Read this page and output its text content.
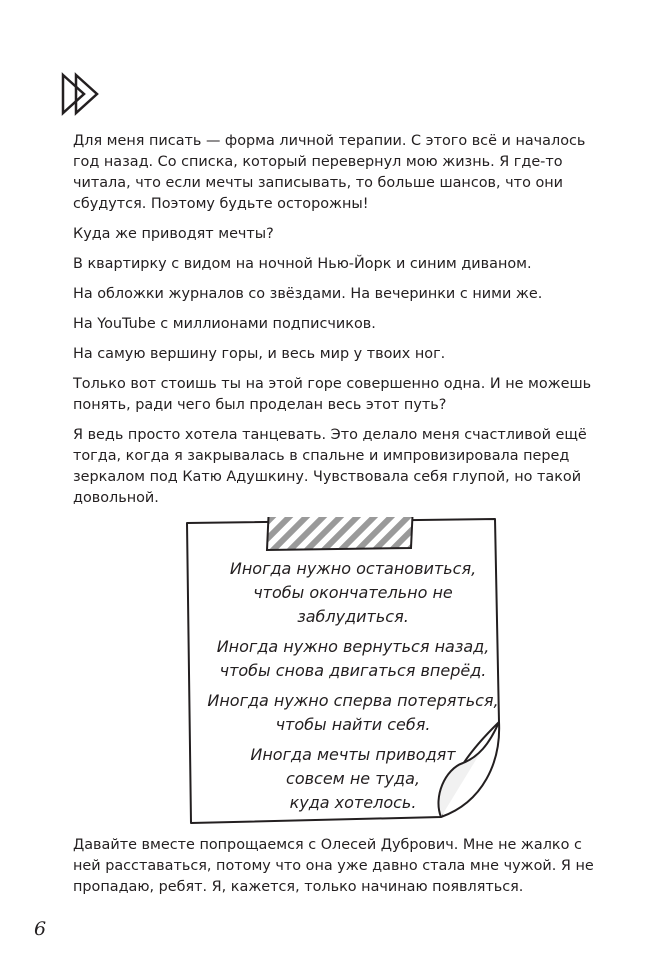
Для меня писать — форма личной терапии. С этого всё и началось год назад. Со списка, который перевернул мою жизнь. Я где-то читала, что если мечты записывать, то больше шансов, что они сбудутся. Поэтому будьте осторожны!

Куда же приводят мечты?

В квартирку с видом на ночной Нью-Йорк и синим диваном.

На обложки журналов со звёздами. На вечеринки с ними же.

На YouTube с миллионами подписчиков.

На самую вершину горы, и весь мир у твоих ног.

Только вот стоишь ты на этой горе совершенно одна. И не можешь понять, ради чего был проделан весь этот путь?

Я ведь просто хотела танцевать. Это делало меня счастливой ещё тогда, когда я закрывалась в спальне и импровизировала перед зеркалом под Катю Адушкину. Чувствовала себя глупой, но такой довольной.

Иногда нужно остановиться,
чтобы окончательно не заблудиться.
Иногда нужно вернуться назад,
чтобы снова двигаться вперёд.
Иногда нужно сперва потеряться,
чтобы найти себя.
Иногда мечты приводят
совсем не туда,
куда хотелось.

Давайте вместе попрощаемся с Олесей Дубрович. Мне не жалко с ней расставаться, потому что она уже давно стала мне чужой. Я не пропадаю, ребят. Я, кажется, только начинаю появляться.

6
